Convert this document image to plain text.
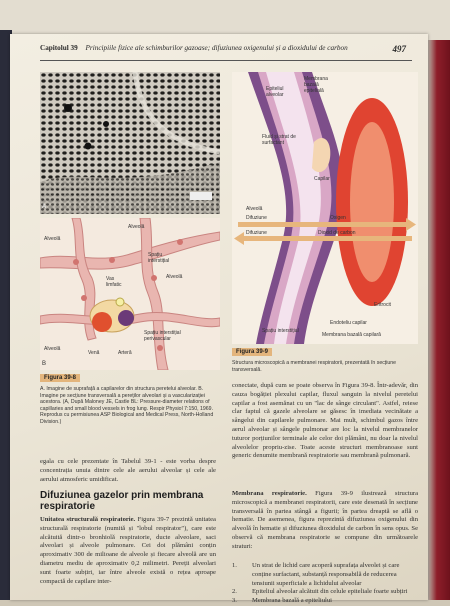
Capitolul 39 Principiile fizice ale schimburilor gazoase; difuziunea oxigenului și a dioxidului de carbon	497
A
Alveolă
Alveolă
Alveolă
Alveolă
Spațiu interstițial
Vas limfatic
Venă	Arteră
Spațiu interstițial perivascular
B
Figura 39-8

A. Imagine de suprafață a capilarelor din structura peretelui alveolar. B. Imagine pe secțiune transversală a pereților alveolari și a vascularizației acestora. (A, După Maloney JE, Castle BL: Pressure-diameter relations of capillaries and small blood vessels in frog lung. Respir Physiol 7:150, 1969. Reprodus cu permisiunea ASP Biological and Medical Press, North-Holland Division.)

Epiteliul alveolar
Membrana bazală epitelială
Fluid și strat de surfactant
Alveolă
Capilar
Difuziune
Difuziune
Oxigen
Dioxid de carbon
Eritrocit
Spațiu interstițial
Endoteliu capilar
Membrana bazală capilară
Figura 39-9

Structura microscopică a membranei respiratorii, prezentată în secțiune transversală.

egala cu cele prezentate în Tabelul 39-1 - este vorba despre concentrația unuia dintre cele ale aerului alveolar și cele ale aerului atmosferic umidificat.

Difuziunea gazelor prin membrana respiratorie

Unitatea structurală respiratorie. Figura 39-7 prezintă unitatea structurală respiratorie (numită și "lobul respirator"), care este alcătuită dintr-o bronhiolă respiratorie, ducte alveolare, saci alveolari și alveole pulmonare. Cei doi plămâni conțin aproximativ 300 de milioane de alveole și fiecare alveolă are un diametru mediu de aproximativ 0,2 milimetri. Pereții alveolari sunt foarte subțiri, iar între alveole există o rețea aproape compactă de capilare inter-

conectate, după cum se poate observa în Figura 39-8. Într-adevăr, din cauza bogăției plexului capilar, fluxul sanguin la nivelul peretelui capilar a fost asemănat cu un "lac de sânge circulant". Astfel, reiese clar faptul că gazele alveolare se găsesc în imediata vecinătate a sângelui din capilarele pulmonare. Mai mult, schimbul gazos între aerul alveolar și sângele pulmonar are loc la nivelul membranelor tuturor porțiunilor terminale ale celor doi plămâni, nu doar la nivelul alveolelor propriu-zise. Toate aceste structuri membranoase sunt generic denumite membrană respiratorie sau membrană pulmonară.

Membrana respiratorie. Figura 39-9 ilustrează structura microscopică a membranei respiratorii, care este desenată în secțiune transversală în partea stângă a figurii; în partea dreaptă se află o hematie. De asemenea, figura reprezintă difuziunea oxigenului din alveolă în hematie și difuziunea dioxidului de carbon în sens opus. Se observă că membrana respiratorie se compune din următoarele straturi:

1.	Un strat de lichid care acoperă suprafața alveolei și care conține surfactant, substanță responsabilă de reducerea tensiunii superficiale a lichidului alveolar
2.	Epiteliul alveolar alcătuit din celule epiteliale foarte subțiri
3.	Membrana bazală a epiteliului
